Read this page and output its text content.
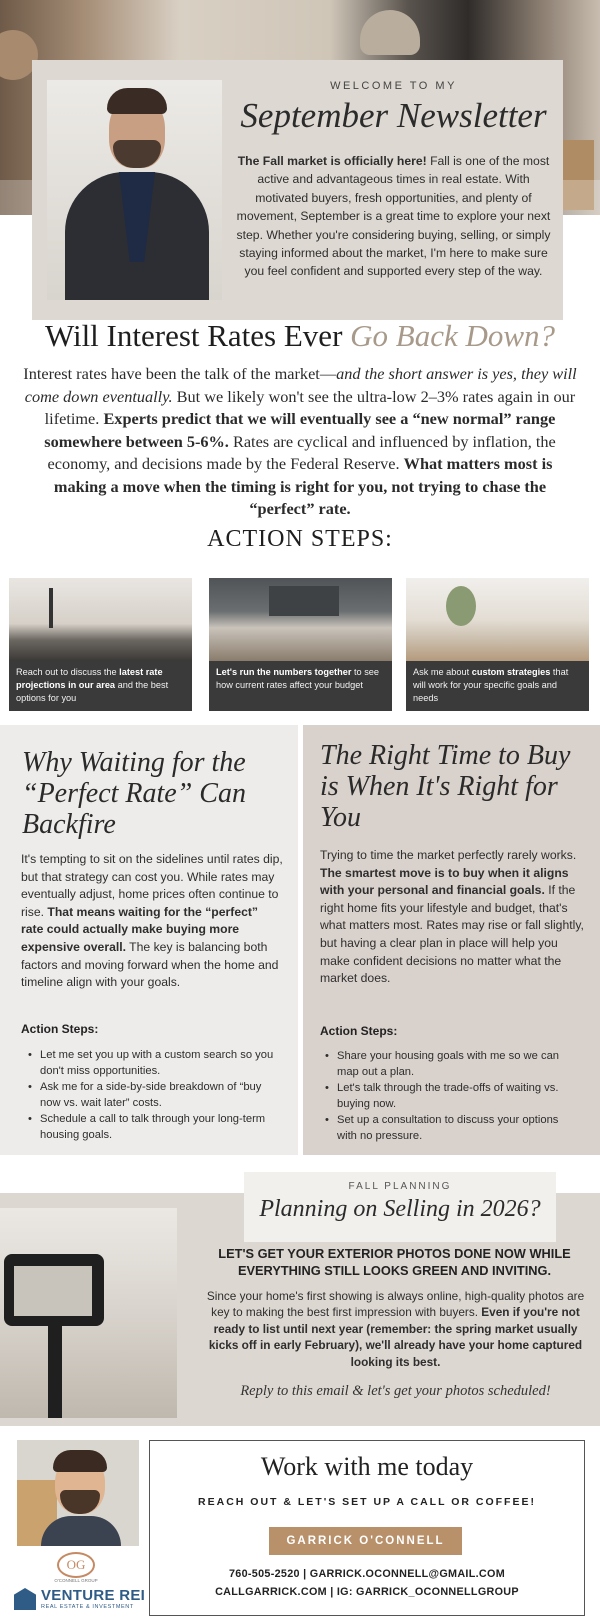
WELCOME TO MY
September Newsletter

The Fall market is officially here! Fall is one of the most active and advantageous times in real estate. With motivated buyers, fresh opportunities, and plenty of movement, September is a great time to explore your next step. Whether you're considering buying, selling, or simply staying informed about the market, I'm here to make sure you feel confident and supported every step of the way.

Will Interest Rates Ever Go Back Down?

Interest rates have been the talk of the market—and the short answer is yes, they will come down eventually. But we likely won't see the ultra-low 2–3% rates again in our lifetime. Experts predict that we will eventually see a “new normal” range somewhere between 5-6%. Rates are cyclical and influenced by inflation, the economy, and decisions made by the Federal Reserve. What matters most is making a move when the timing is right for you, not trying to chase the “perfect” rate.

ACTION STEPS:
Reach out to discuss the latest rate projections in our area and the best options for you
Let's run the numbers together to see how current rates affect your budget
Ask me about custom strategies that will work for your specific goals and needs
Why Waiting for the “Perfect Rate” Can Backfire

It's tempting to sit on the sidelines until rates dip, but that strategy can cost you. While rates may eventually adjust, home prices often continue to rise. That means waiting for the “perfect” rate could actually make buying more expensive overall. The key is balancing both factors and moving forward when the home and timeline align with your goals.

Action Steps:
• Let me set you up with a custom search so you don't miss opportunities.
• Ask me for a side-by-side breakdown of “buy now vs. wait later” costs.
• Schedule a call to talk through your long-term housing goals.
The Right Time to Buy is When It's Right for You

Trying to time the market perfectly rarely works. The smartest move is to buy when it aligns with your personal and financial goals. If the right home fits your lifestyle and budget, that's what matters most. Rates may rise or fall slightly, but having a clear plan in place will help you make confident decisions no matter what the market does.

Action Steps:
• Share your housing goals with me so we can map out a plan.
• Let's talk through the trade-offs of waiting vs. buying now.
• Set up a consultation to discuss your options with no pressure.
FALL PLANNING
Planning on Selling in 2026?
LET'S GET YOUR EXTERIOR PHOTOS DONE NOW WHILE EVERYTHING STILL LOOKS GREEN AND INVITING.

Since your home's first showing is always online, high-quality photos are key to making the best first impression with buyers. Even if you're not ready to list until next year (remember: the spring market usually kicks off in early February), we'll already have your home captured looking its best.

Reply to this email & let's get your photos scheduled!
OG
O'CONNELL GROUP
VENTURE REI
REAL ESTATE & INVESTMENT
Work with me today
REACH OUT & LET'S SET UP A CALL OR COFFEE!
GARRICK O'CONNELL
760-505-2520 | GARRICK.OCONNELL@GMAIL.COM
CALLGARRICK.COM | IG: GARRICK_OCONNELLGROUP
